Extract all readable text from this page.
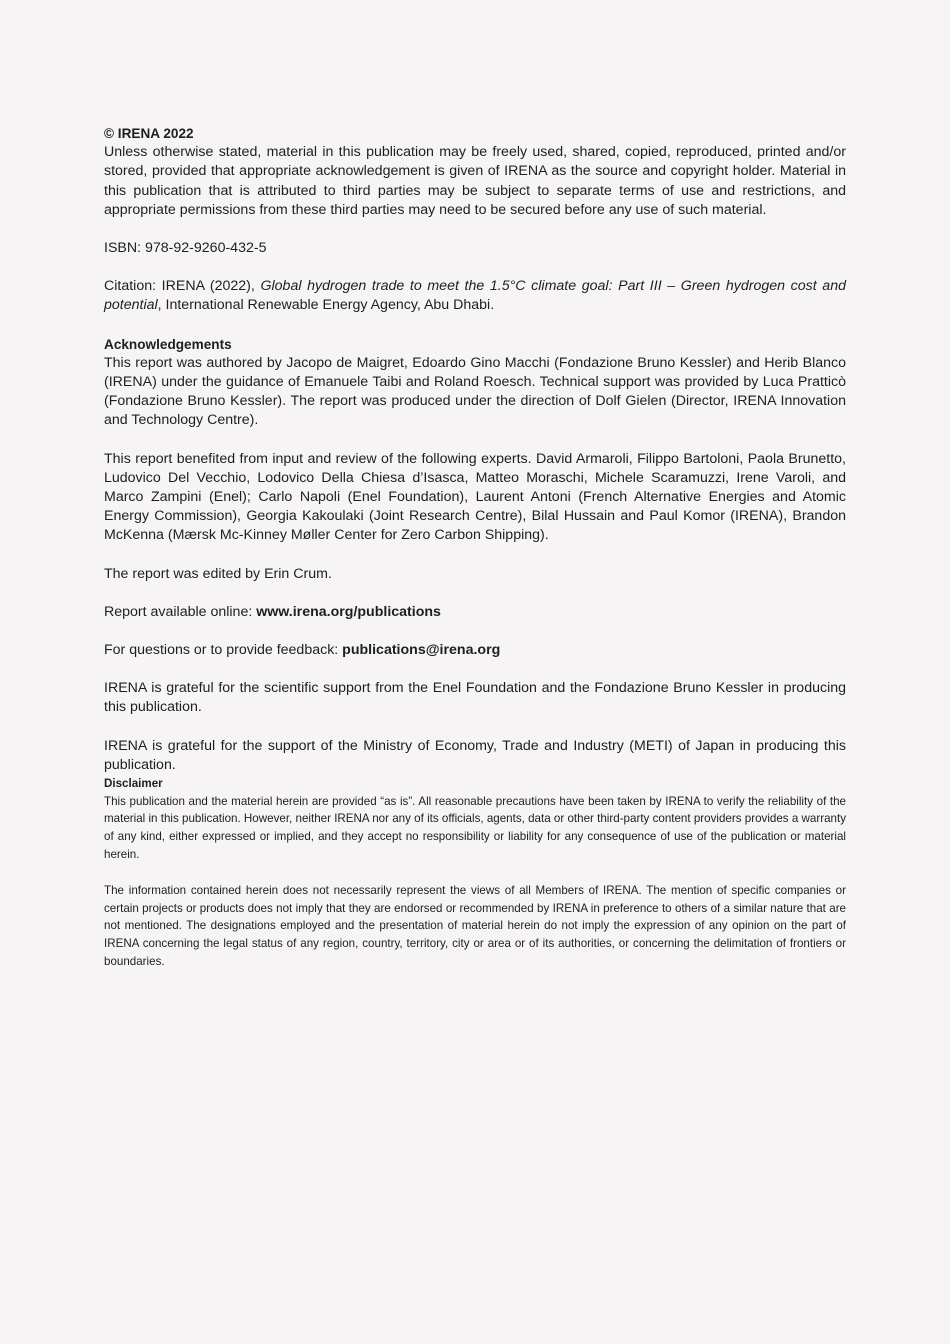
© IRENA 2022

Unless otherwise stated, material in this publication may be freely used, shared, copied, reproduced, printed and/or stored, provided that appropriate acknowledgement is given of IRENA as the source and copyright holder. Material in this publication that is attributed to third parties may be subject to separate terms of use and restrictions, and appropriate permissions from these third parties may need to be secured before any use of such material.

ISBN: 978-92-9260-432-5

Citation: IRENA (2022), Global hydrogen trade to meet the 1.5°C climate goal: Part III – Green hydrogen cost and potential, International Renewable Energy Agency, Abu Dhabi.

Acknowledgements

This report was authored by Jacopo de Maigret, Edoardo Gino Macchi (Fondazione Bruno Kessler) and Herib Blanco (IRENA) under the guidance of Emanuele Taibi and Roland Roesch. Technical support was provided by Luca Pratticò (Fondazione Bruno Kessler). The report was produced under the direction of Dolf Gielen (Director, IRENA Innovation and Technology Centre).

This report benefited from input and review of the following experts. David Armaroli, Filippo Bartoloni, Paola Brunetto, Ludovico Del Vecchio, Lodovico Della Chiesa d’Isasca, Matteo Moraschi, Michele Scaramuzzi, Irene Varoli, and Marco Zampini (Enel); Carlo Napoli (Enel Foundation), Laurent Antoni (French Alternative Energies and Atomic Energy Commission), Georgia Kakoulaki (Joint Research Centre), Bilal Hussain and Paul Komor (IRENA), Brandon McKenna (Mærsk Mc-Kinney Møller Center for Zero Carbon Shipping).

The report was edited by Erin Crum.

Report available online: www.irena.org/publications

For questions or to provide feedback: publications@irena.org

IRENA is grateful for the scientific support from the Enel Foundation and the Fondazione Bruno Kessler in producing this publication.

IRENA is grateful for the support of the Ministry of Economy, Trade and Industry (METI) of Japan in producing this publication.

Disclaimer

This publication and the material herein are provided “as is”. All reasonable precautions have been taken by IRENA to verify the reliability of the material in this publication. However, neither IRENA nor any of its officials, agents, data or other third-party content providers provides a warranty of any kind, either expressed or implied, and they accept no responsibility or liability for any consequence of use of the publication or material herein.

The information contained herein does not necessarily represent the views of all Members of IRENA. The mention of specific companies or certain projects or products does not imply that they are endorsed or recommended by IRENA in preference to others of a similar nature that are not mentioned. The designations employed and the presentation of material herein do not imply the expression of any opinion on the part of IRENA concerning the legal status of any region, country, territory, city or area or of its authorities, or concerning the delimitation of frontiers or boundaries.
